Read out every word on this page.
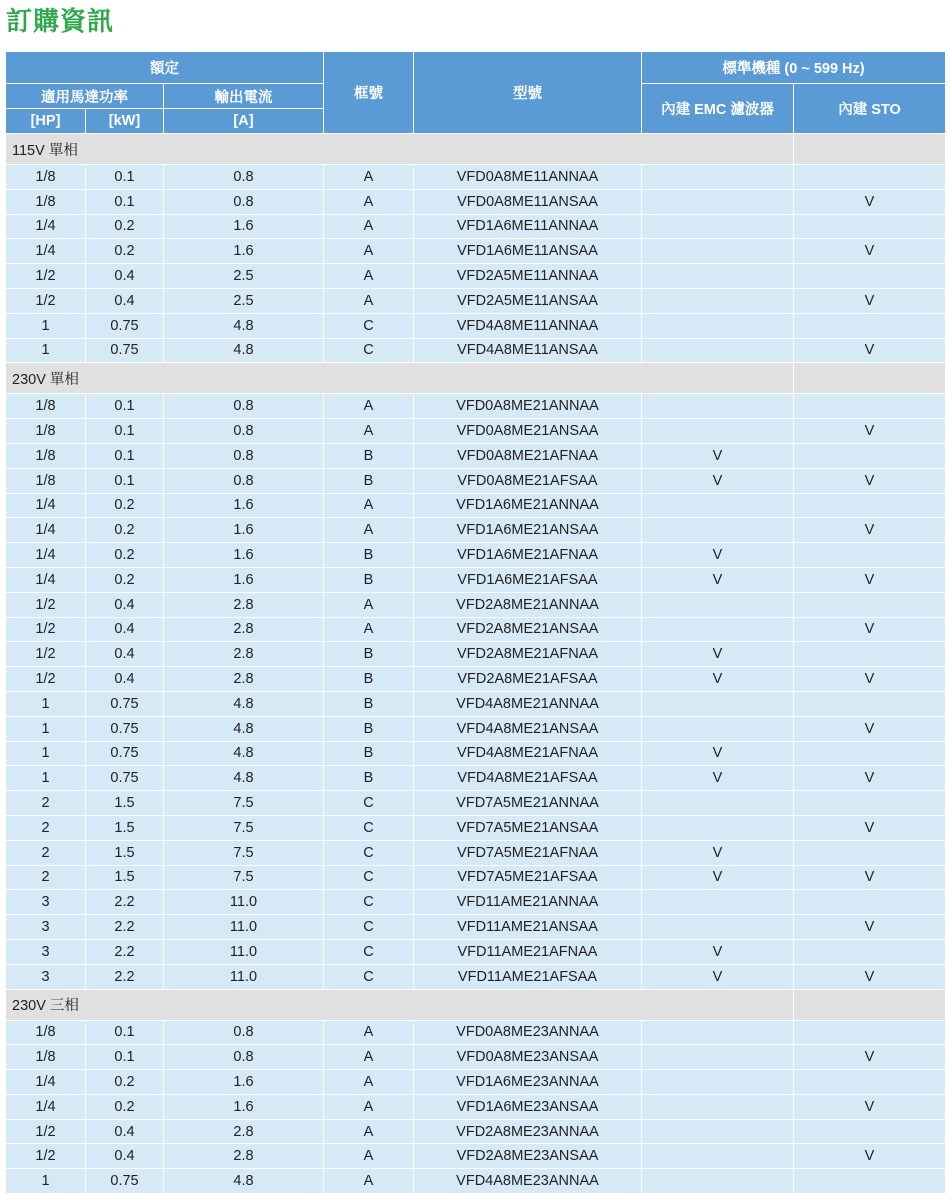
訂購資訊
額定			框號	型號	標準機種 (0 ~ 599 Hz)	
適用馬達功率		輸出電流			內建 EMC 濾波器	內建 STO
[HP]	[kW]	[A]				
115V 單相						
1/8	0.1	0.8	A	VFD0A8ME11ANNAA		
1/8	0.1	0.8	A	VFD0A8ME11ANSAA		V
1/4	0.2	1.6	A	VFD1A6ME11ANNAA		
1/4	0.2	1.6	A	VFD1A6ME11ANSAA		V
1/2	0.4	2.5	A	VFD2A5ME11ANNAA		
1/2	0.4	2.5	A	VFD2A5ME11ANSAA		V
1	0.75	4.8	C	VFD4A8ME11ANNAA		
1	0.75	4.8	C	VFD4A8ME11ANSAA		V
230V 單相						
1/8	0.1	0.8	A	VFD0A8ME21ANNAA		
1/8	0.1	0.8	A	VFD0A8ME21ANSAA		V
1/8	0.1	0.8	B	VFD0A8ME21AFNAA	V	
1/8	0.1	0.8	B	VFD0A8ME21AFSAA	V	V
1/4	0.2	1.6	A	VFD1A6ME21ANNAA		
1/4	0.2	1.6	A	VFD1A6ME21ANSAA		V
1/4	0.2	1.6	B	VFD1A6ME21AFNAA	V	
1/4	0.2	1.6	B	VFD1A6ME21AFSAA	V	V
1/2	0.4	2.8	A	VFD2A8ME21ANNAA		
1/2	0.4	2.8	A	VFD2A8ME21ANSAA		V
1/2	0.4	2.8	B	VFD2A8ME21AFNAA	V	
1/2	0.4	2.8	B	VFD2A8ME21AFSAA	V	V
1	0.75	4.8	B	VFD4A8ME21ANNAA		
1	0.75	4.8	B	VFD4A8ME21ANSAA		V
1	0.75	4.8	B	VFD4A8ME21AFNAA	V	
1	0.75	4.8	B	VFD4A8ME21AFSAA	V	V
2	1.5	7.5	C	VFD7A5ME21ANNAA		
2	1.5	7.5	C	VFD7A5ME21ANSAA		V
2	1.5	7.5	C	VFD7A5ME21AFNAA	V	
2	1.5	7.5	C	VFD7A5ME21AFSAA	V	V
3	2.2	11.0	C	VFD11AME21ANNAA		
3	2.2	11.0	C	VFD11AME21ANSAA		V
3	2.2	11.0	C	VFD11AME21AFNAA	V	
3	2.2	11.0	C	VFD11AME21AFSAA	V	V
230V 三相						
1/8	0.1	0.8	A	VFD0A8ME23ANNAA		
1/8	0.1	0.8	A	VFD0A8ME23ANSAA		V
1/4	0.2	1.6	A	VFD1A6ME23ANNAA		
1/4	0.2	1.6	A	VFD1A6ME23ANSAA		V
1/2	0.4	2.8	A	VFD2A8ME23ANNAA		
1/2	0.4	2.8	A	VFD2A8ME23ANSAA		V
1	0.75	4.8	A	VFD4A8ME23ANNAA		
